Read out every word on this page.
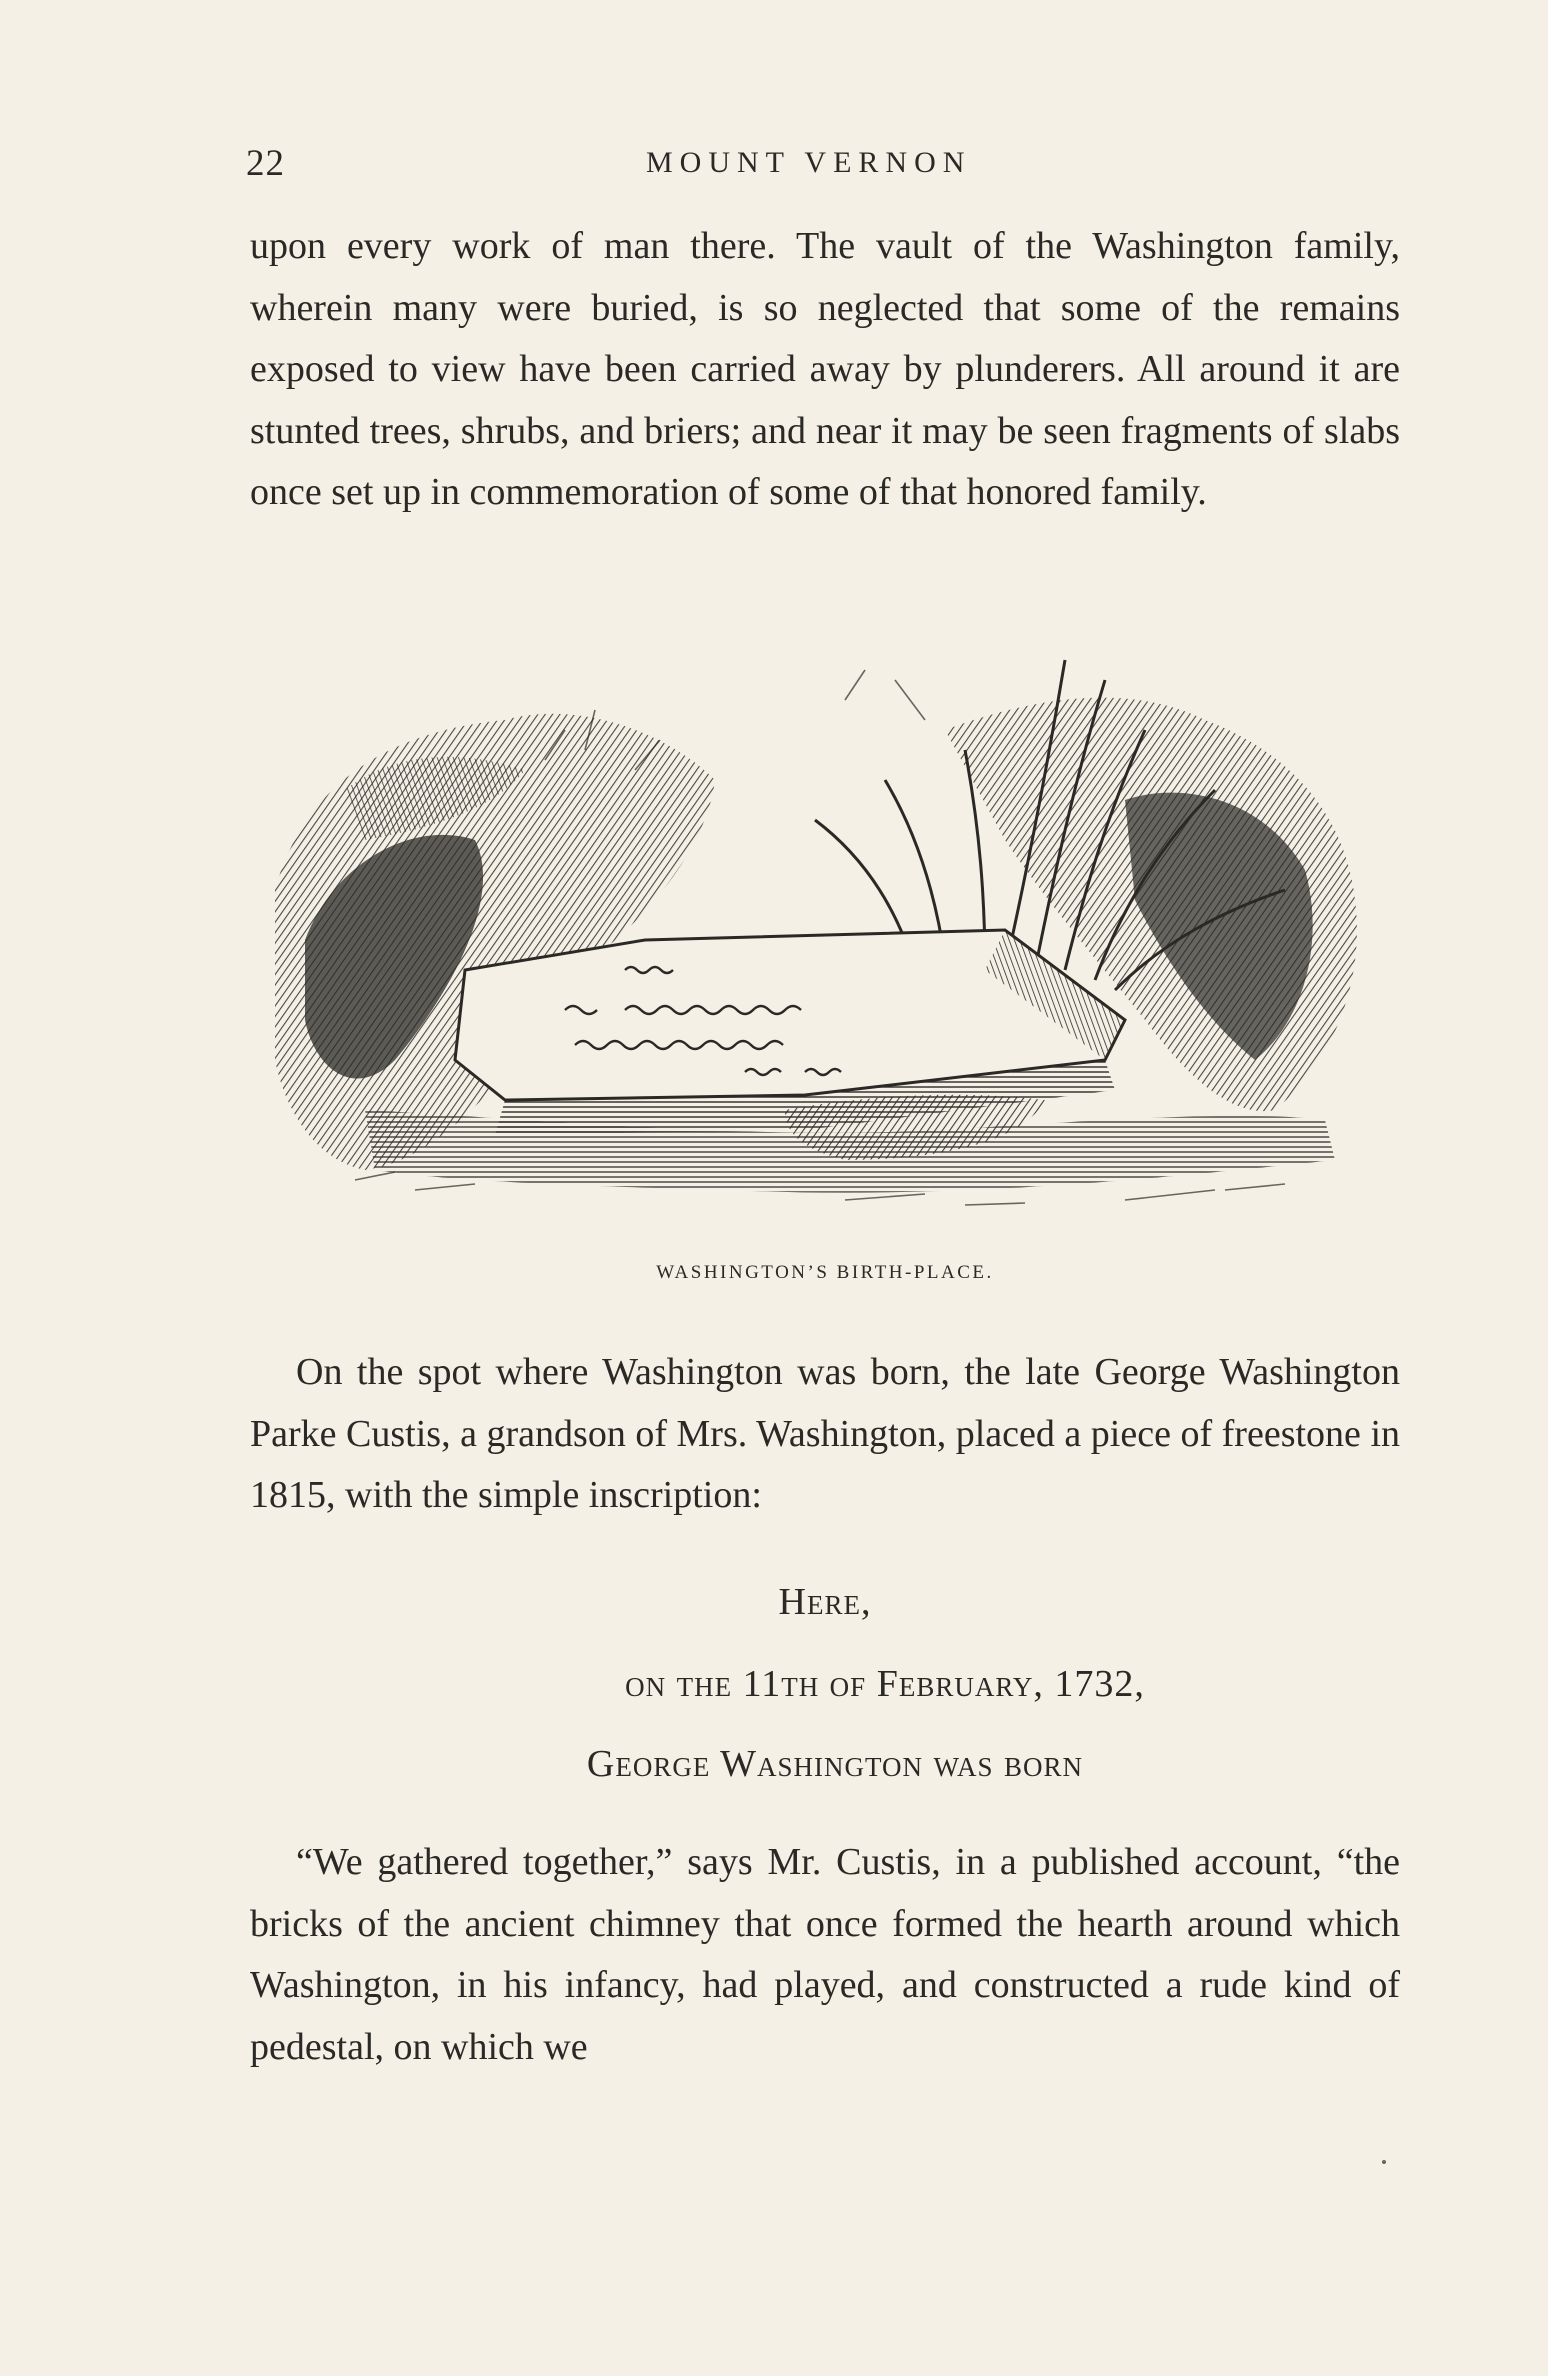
22	MOUNT VERNON

upon every work of man there. The vault of the Washington family, wherein many were buried, is so neglected that some of the remains exposed to view have been carried away by plunderers. All around it are stunted trees, shrubs, and briers; and near it may be seen fragments of slabs once set up in commemoration of some of that honored family.

WASHINGTON’S BIRTH-PLACE.

On the spot where Washington was born, the late George Washington Parke Custis, a grandson of Mrs. Washington, placed a piece of freestone in 1815, with the simple inscription:

Here,

on the 11th of February, 1732,

George Washington was born

“We gathered together,” says Mr. Custis, in a published account, “the bricks of the ancient chimney that once formed the hearth around which Washington, in his infancy, had played, and constructed a rude kind of pedestal, on which we
